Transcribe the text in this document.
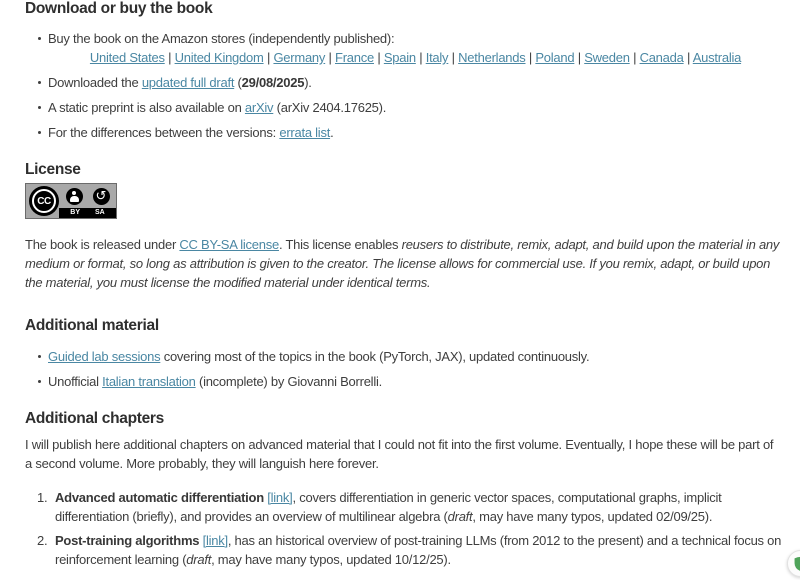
Download or buy the book
Buy the book on the Amazon stores (independently published):
United States | United Kingdom | Germany | France | Spain | Italy | Netherlands | Poland | Sweden | Canada | Australia
Downloaded the updated full draft (29/08/2025).
A static preprint is also available on arXiv (arXiv 2404.17625).
For the differences between the versions: errata list.
License
CC	↺
BY SA

The book is released under CC BY-SA license. This license enables reusers to distribute, remix, adapt, and build upon the material in any medium or format, so long as attribution is given to the creator. The license allows for commercial use. If you remix, adapt, or build upon the material, you must license the modified material under identical terms.

Additional material
Guided lab sessions covering most of the topics in the book (PyTorch, JAX), updated continuously.
Unofficial Italian translation (incomplete) by Giovanni Borrelli.
Additional chapters

I will publish here additional chapters on advanced material that I could not fit into the first volume. Eventually, I hope these will be part of a second volume. More probably, they will languish here forever.

1. Advanced automatic differentiation [link], covers differentiation in generic vector spaces, computational graphs, implicit differentiation (briefly), and provides an overview of multilinear algebra (draft, may have many typos, updated 02/09/25).
2. Post-training algorithms [link], has an historical overview of post-training LLMs (from 2012 to the present) and a technical focus on reinforcement learning (draft, may have many typos, updated 10/12/25).
